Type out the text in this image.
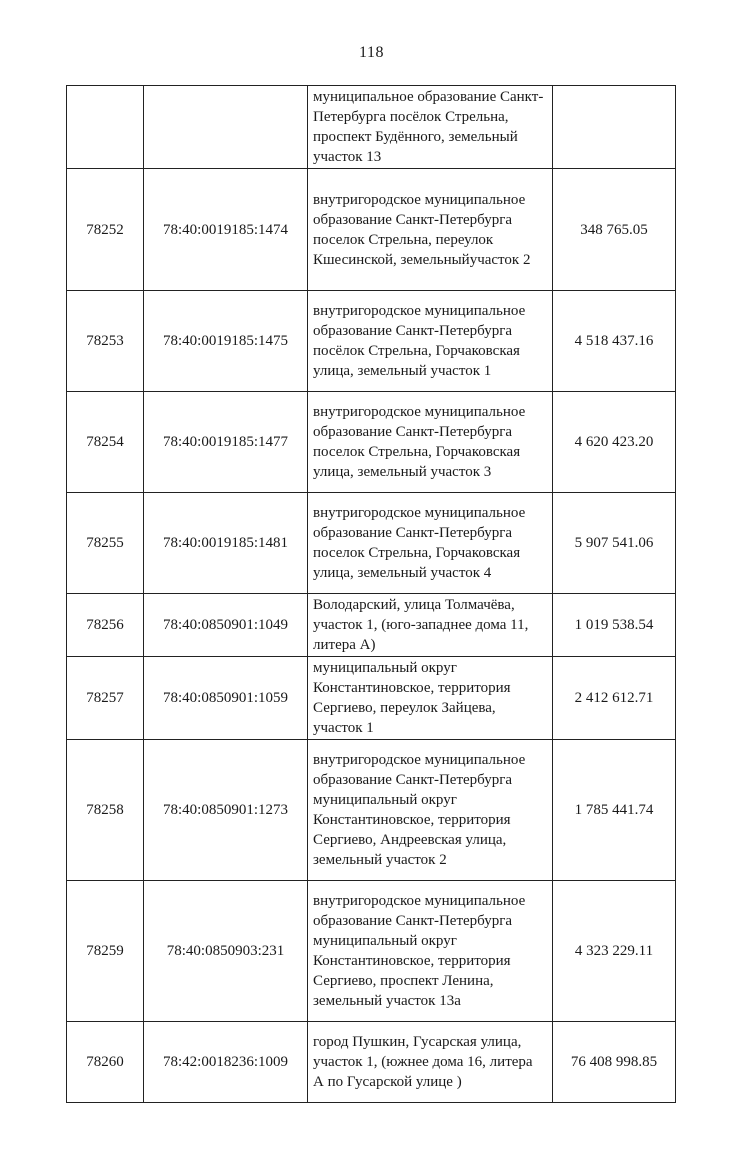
118
		муниципальное образование Санкт-Петербурга посёлок Стрельна, проспект Будённого, земельный участок 13	
78252	78:40:0019185:1474	внутригородское муниципальное образование Санкт-Петербурга поселок Стрельна, переулок Кшесинской, земельныйучасток 2	348 765.05
78253	78:40:0019185:1475	внутригородское муниципальное образование Санкт-Петербурга посёлок Стрельна, Горчаковская улица, земельный участок 1	4 518 437.16
78254	78:40:0019185:1477	внутригородское муниципальное образование Санкт-Петербурга поселок Стрельна, Горчаковская улица, земельный участок 3	4 620 423.20
78255	78:40:0019185:1481	внутригородское муниципальное образование Санкт-Петербурга поселок Стрельна, Горчаковская улица, земельный участок 4	5 907 541.06
78256	78:40:0850901:1049	Володарский, улица Толмачёва, участок 1, (юго-западнее дома 11, литера А)	1 019 538.54
78257	78:40:0850901:1059	муниципальный округ Константиновское, территория Сергиево, переулок Зайцева, участок 1	2 412 612.71
78258	78:40:0850901:1273	внутригородское муниципальное образование Санкт-Петербурга муниципальный округ Константиновское, территория Сергиево, Андреевская улица, земельный участок 2	1 785 441.74
78259	78:40:0850903:231	внутригородское муниципальное образование Санкт-Петербурга муниципальный округ Константиновское, территория Сергиево, проспект Ленина, земельный участок 13а	4 323 229.11
78260	78:42:0018236:1009	город Пушкин, Гусарская улица, участок 1, (южнее дома 16, литера А по Гусарской улице )	76 408 998.85
